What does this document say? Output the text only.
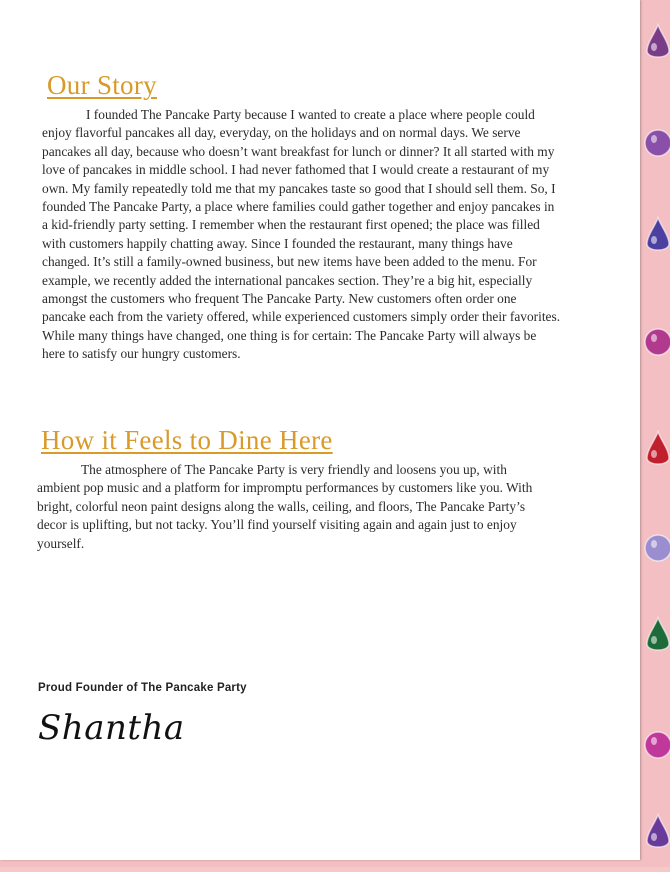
Our Story

I founded The Pancake Party because I wanted to create a place where people could enjoy flavorful pancakes all day, everyday, on the holidays and on normal days. We serve pancakes all day, because who doesn’t want breakfast for lunch or dinner? It all started with my love of pancakes in middle school. I had never fathomed that I would create a restaurant of my own. My family repeatedly told me that my pancakes taste so good that I should sell them. So, I founded The Pancake Party, a place where families could gather together and enjoy pancakes in a kid-friendly party setting. I remember when the restaurant first opened; the place was filled with customers happily chatting away. Since I founded the restaurant, many things have changed. It’s still a family-owned business, but new items have been added to the menu. For example, we recently added the international pancakes section. They’re a big hit, especially amongst the customers who frequent The Pancake Party. New customers often order one pancake each from the variety offered, while experienced customers simply order their favorites. While many things have changed, one thing is for certain: The Pancake Party will always be here to satisfy our hungry customers.

How it Feels to Dine Here

The atmosphere of The Pancake Party is very friendly and loosens you up, with ambient pop music and a platform for impromptu performances by customers like you. With bright, colorful neon paint designs along the walls, ceiling, and floors, The Pancake Party’s decor is uplifting, but not tacky. You’ll find yourself visiting again and again just to enjoy yourself.

Proud Founder of The Pancake Party

Shantha
